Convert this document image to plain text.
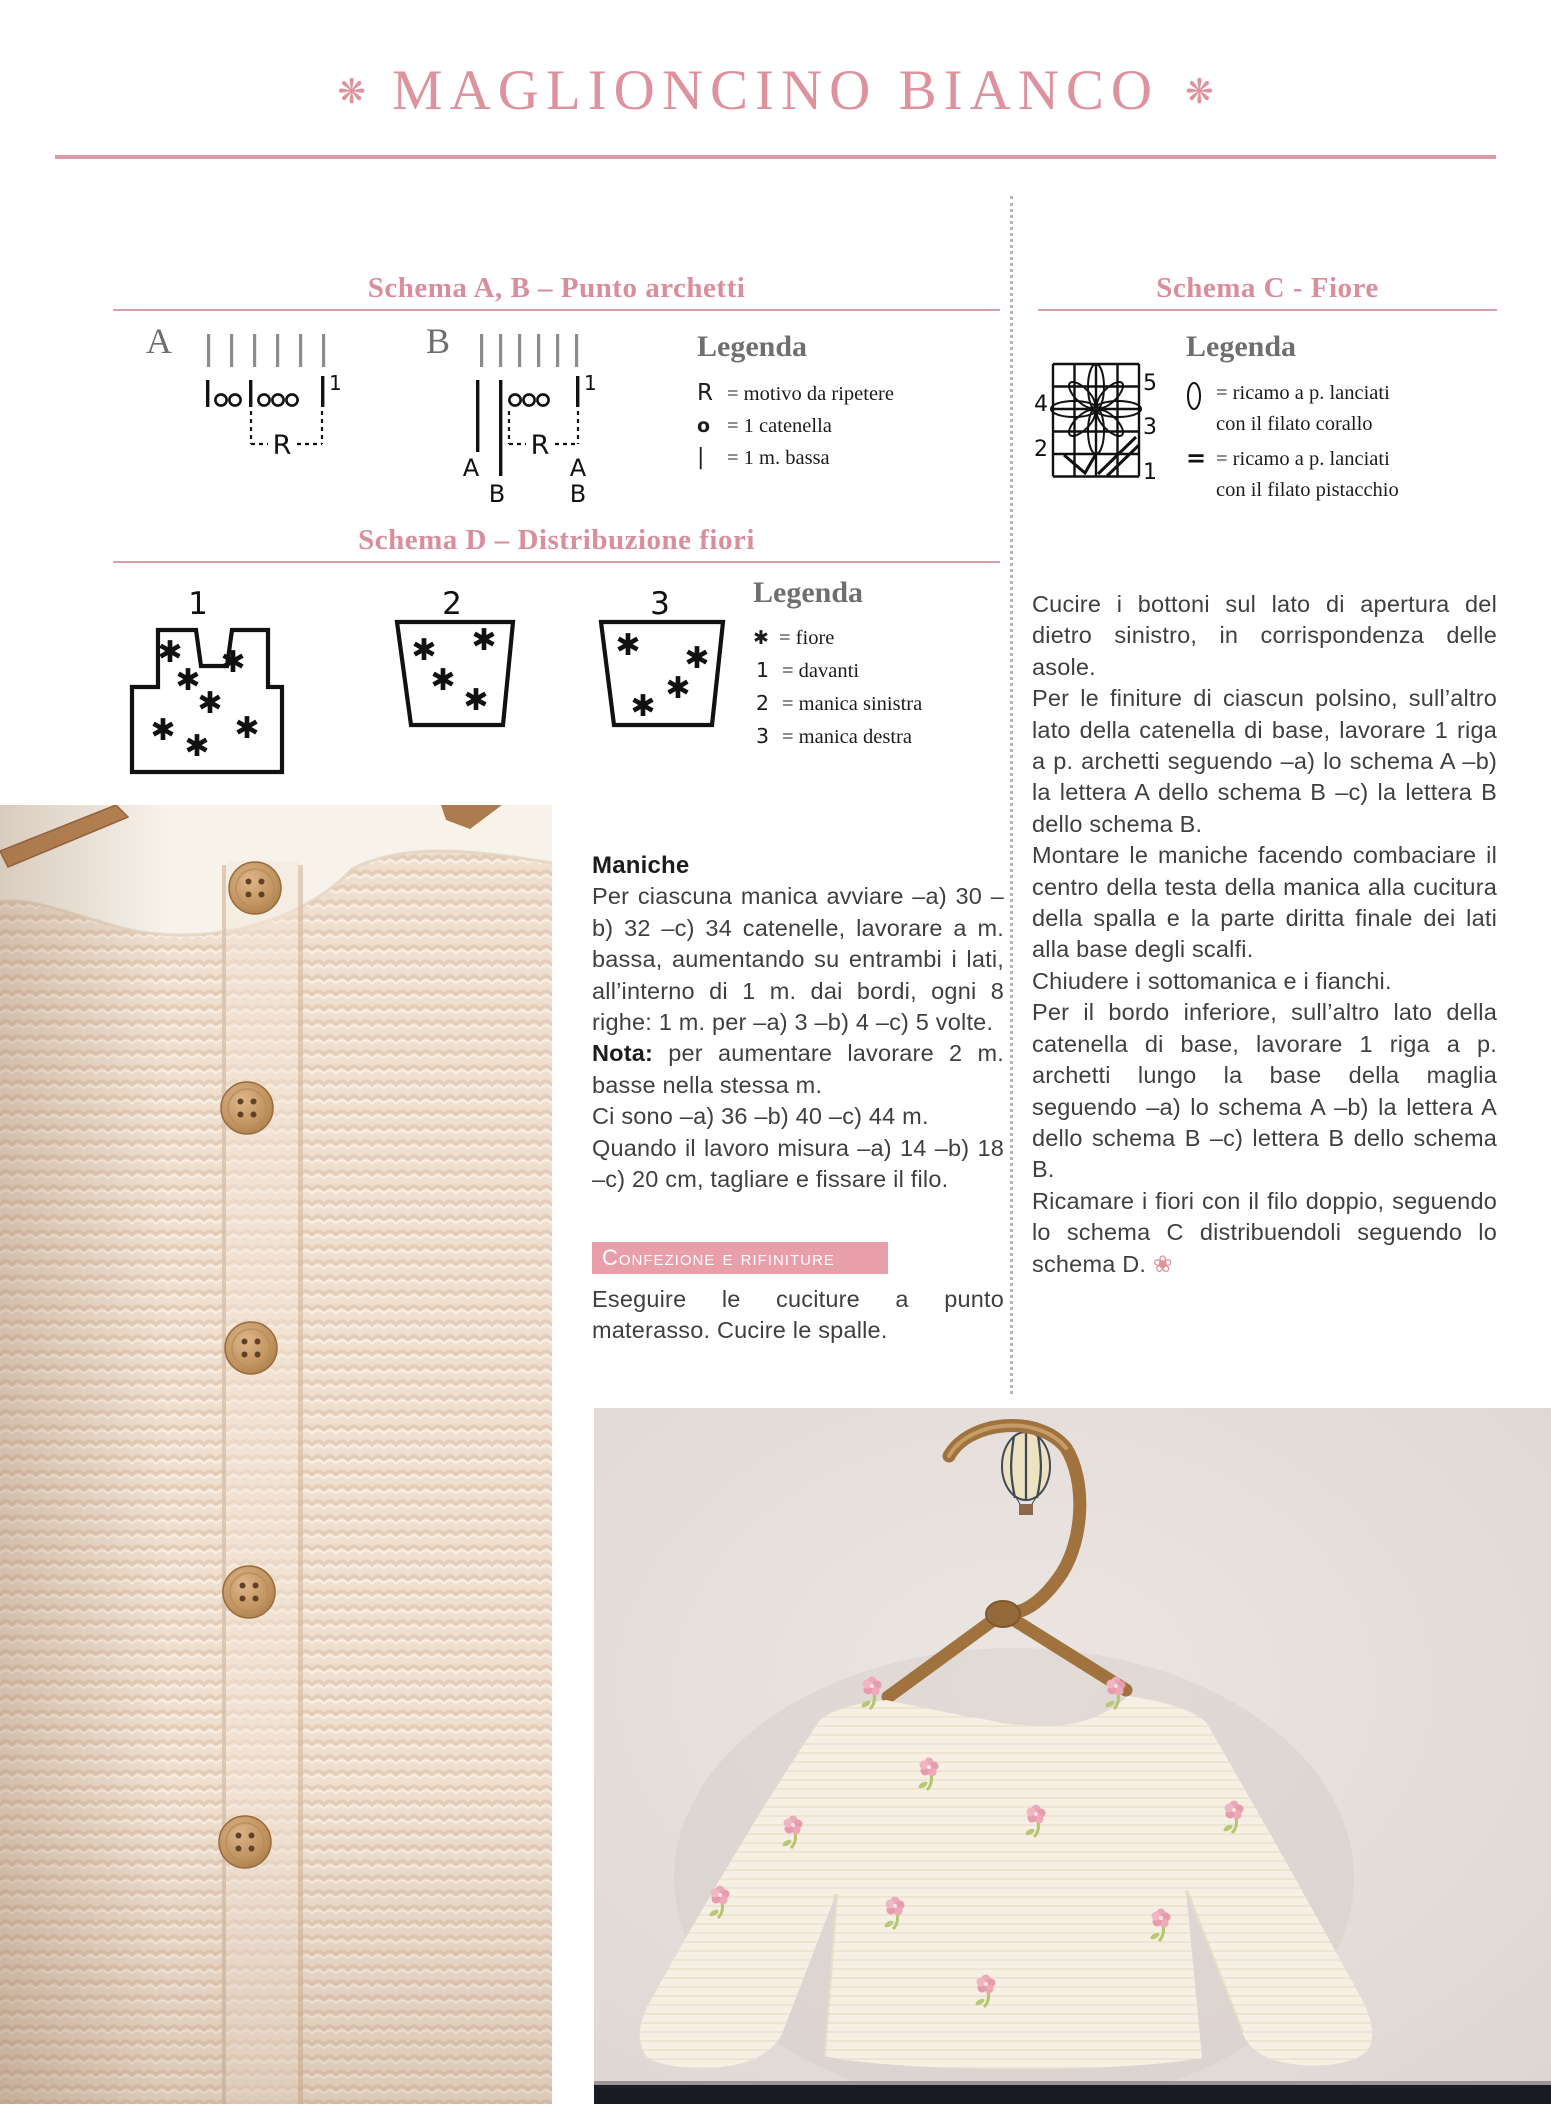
❋ MAGLIONCINO BIANCO ❋
Schema A, B – Punto archetti
A
1
R
B
1
R
A
B
A
B
Legenda
R = motivo da ripetere
o = 1 catenella
| = 1 m. bassa
Schema C - Fiore
5
4
3
2
1
Legenda
= ricamo a p. lanciati
con il filato corallo
= = ricamo a p. lanciati
con il filato pistacchio
Schema D – Distribuzione fiori
1	2	3
✱ ✱
✱
✱
✱ ✱
✱
✱ ✱
✱
✱
✱ ✱
✱
✱
Legenda
✱ = fiore
1 = davanti
2 = manica sinistra
3 = manica destra

Maniche

Per ciascuna manica avviare –a) 30 –b) 32 –c) 34 catenelle, lavorare a m. bassa, aumentando su entrambi i lati, all’interno di 1 m. dai bordi, ogni 8 righe: 1 m. per –a) 3 –b) 4 –c) 5 volte.

Nota: per aumentare lavorare 2 m. basse nella stessa m.

Ci sono –a) 36 –b) 40 –c) 44 m.

Quando il lavoro misura –a) 14 –b) 18 –c) 20 cm, tagliare e fissare il filo.

Confezione e rifiniture
Eseguire le cuciture a punto materasso. Cucire le spalle.

Cucire i bottoni sul lato di apertura del dietro sinistro, in corrispondenza delle asole.

Per le finiture di ciascun polsino, sull’altro lato della catenella di base, lavorare 1 riga a p. archetti seguendo –a) lo schema A –b) la lettera A dello schema B –c) la lettera B dello schema B.

Montare le maniche facendo combaciare il centro della testa della manica alla cucitura della spalla e la parte diritta finale dei lati alla base degli scalfi.

Chiudere i sottomanica e i fianchi.

Per il bordo inferiore, sull’altro lato della catenella di base, lavorare 1 riga a p. archetti lungo la base della maglia seguendo –a) lo schema A –b) la lettera A dello schema B –c) lettera B dello schema B.

Ricamare i fiori con il filo doppio, seguendo lo schema C distribuendoli seguendo lo schema D. ❀
